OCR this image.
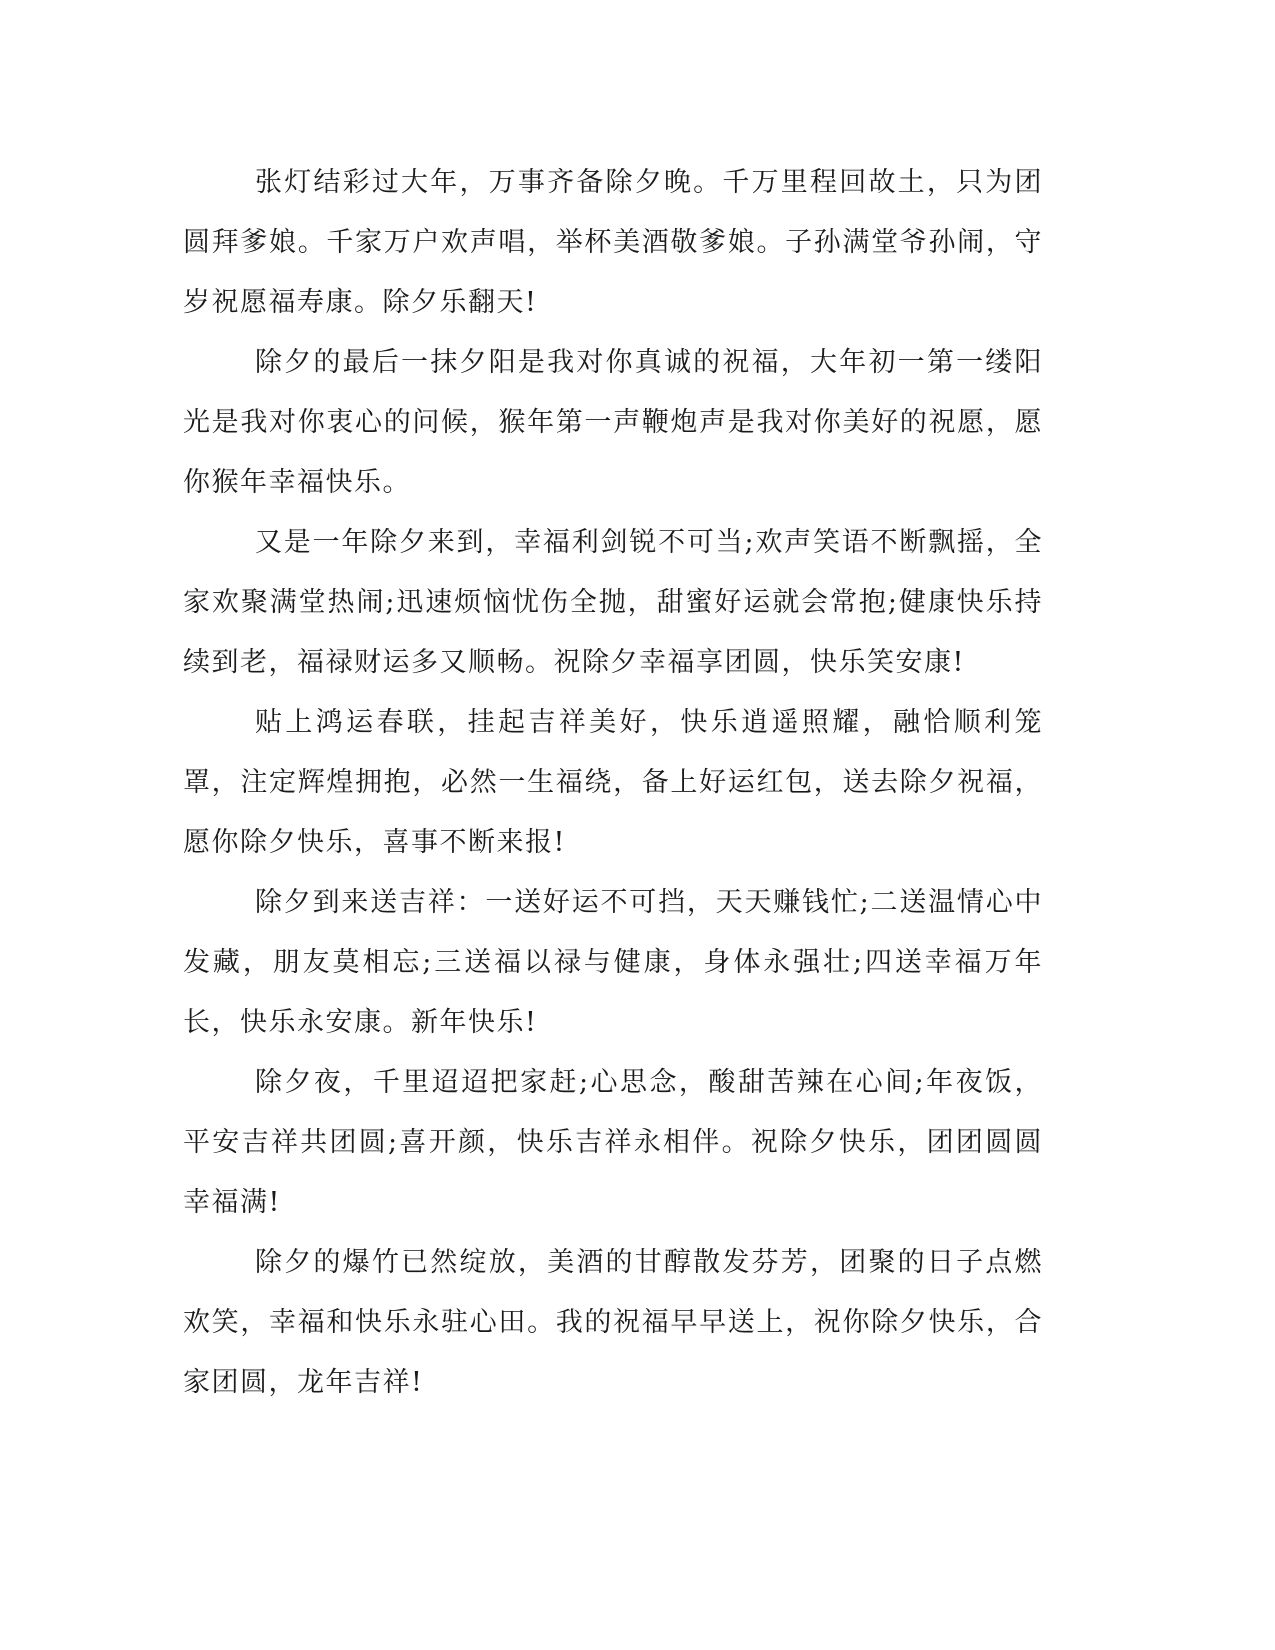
张灯结彩过大年，万事齐备除夕晚。千万里程回故土，只为团圆拜爹娘。千家万户欢声唱，举杯美酒敬爹娘。子孙满堂爷孙闹，守岁祝愿福寿康。除夕乐翻天!

除夕的最后一抹夕阳是我对你真诚的祝福，大年初一第一缕阳光是我对你衷心的问候，猴年第一声鞭炮声是我对你美好的祝愿，愿你猴年幸福快乐。

又是一年除夕来到，幸福利剑锐不可当;欢声笑语不断飘摇，全家欢聚满堂热闹;迅速烦恼忧伤全抛，甜蜜好运就会常抱;健康快乐持续到老，福禄财运多又顺畅。祝除夕幸福享团圆，快乐笑安康!

贴上鸿运春联，挂起吉祥美好，快乐逍遥照耀，融恰顺利笼罩，注定辉煌拥抱，必然一生福绕，备上好运红包，送去除夕祝福，愿你除夕快乐，喜事不断来报!

除夕到来送吉祥：一送好运不可挡，天天赚钱忙;二送温情心中发藏，朋友莫相忘;三送福以禄与健康，身体永强壮;四送幸福万年长，快乐永安康。新年快乐!

除夕夜，千里迢迢把家赶;心思念，酸甜苦辣在心间;年夜饭，平安吉祥共团圆;喜开颜，快乐吉祥永相伴。祝除夕快乐，团团圆圆幸福满!

除夕的爆竹已然绽放，美酒的甘醇散发芬芳，团聚的日子点燃欢笑，幸福和快乐永驻心田。我的祝福早早送上，祝你除夕快乐，合家团圆，龙年吉祥!
